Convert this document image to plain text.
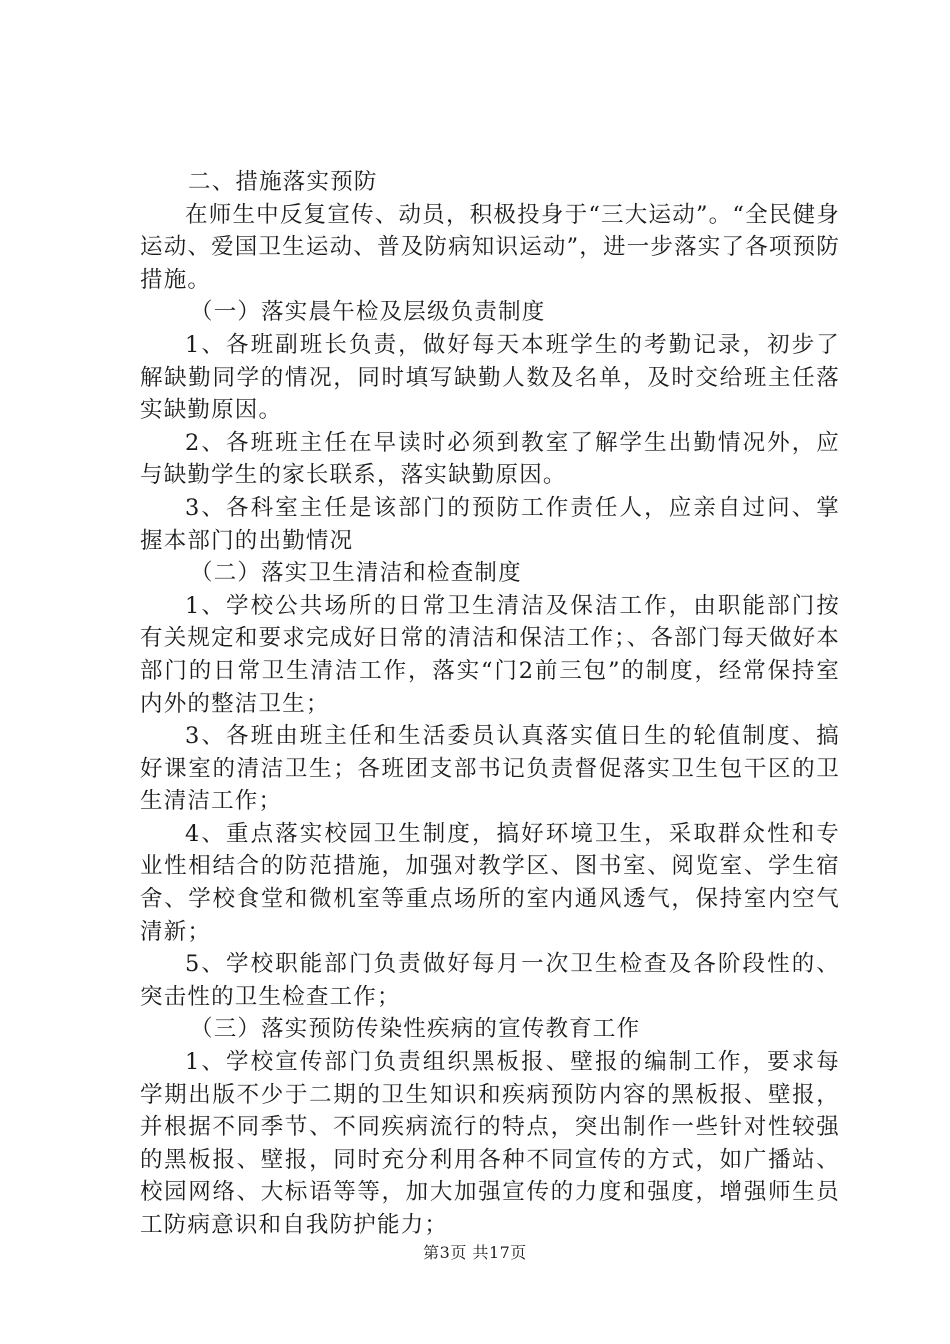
二、措施落实预防

在师生中反复宣传、动员，积极投身于“三大运动”。“全民健身运动、爱国卫生运动、普及防病知识运动”，进一步落实了各项预防措施。

（一）落实晨午检及层级负责制度

1、各班副班长负责，做好每天本班学生的考勤记录，初步了解缺勤同学的情况，同时填写缺勤人数及名单，及时交给班主任落实缺勤原因。

2、各班班主任在早读时必须到教室了解学生出勤情况外，应与缺勤学生的家长联系，落实缺勤原因。

3、各科室主任是该部门的预防工作责任人，应亲自过问、掌握本部门的出勤情况

（二）落实卫生清洁和检查制度

1、学校公共场所的日常卫生清洁及保洁工作，由职能部门按有关规定和要求完成好日常的清洁和保洁工作；、各部门每天做好本部门的日常卫生清洁工作，落实“门2前三包”的制度，经常保持室内外的整洁卫生；

3、各班由班主任和生活委员认真落实值日生的轮值制度、搞好课室的清洁卫生；各班团支部书记负责督促落实卫生包干区的卫生清洁工作；

4、重点落实校园卫生制度，搞好环境卫生，采取群众性和专业性相结合的防范措施，加强对教学区、图书室、阅览室、学生宿舍、学校食堂和微机室等重点场所的室内通风透气，保持室内空气清新；

5、学校职能部门负责做好每月一次卫生检查及各阶段性的、突击性的卫生检查工作；

（三）落实预防传染性疾病的宣传教育工作

1、学校宣传部门负责组织黑板报、壁报的编制工作，要求每学期出版不少于二期的卫生知识和疾病预防内容的黑板报、壁报，并根据不同季节、不同疾病流行的特点，突出制作一些针对性较强的黑板报、壁报，同时充分利用各种不同宣传的方式，如广播站、校园网络、大标语等等，加大加强宣传的力度和强度，增强师生员工防病意识和自我防护能力；

第3页 共17页
